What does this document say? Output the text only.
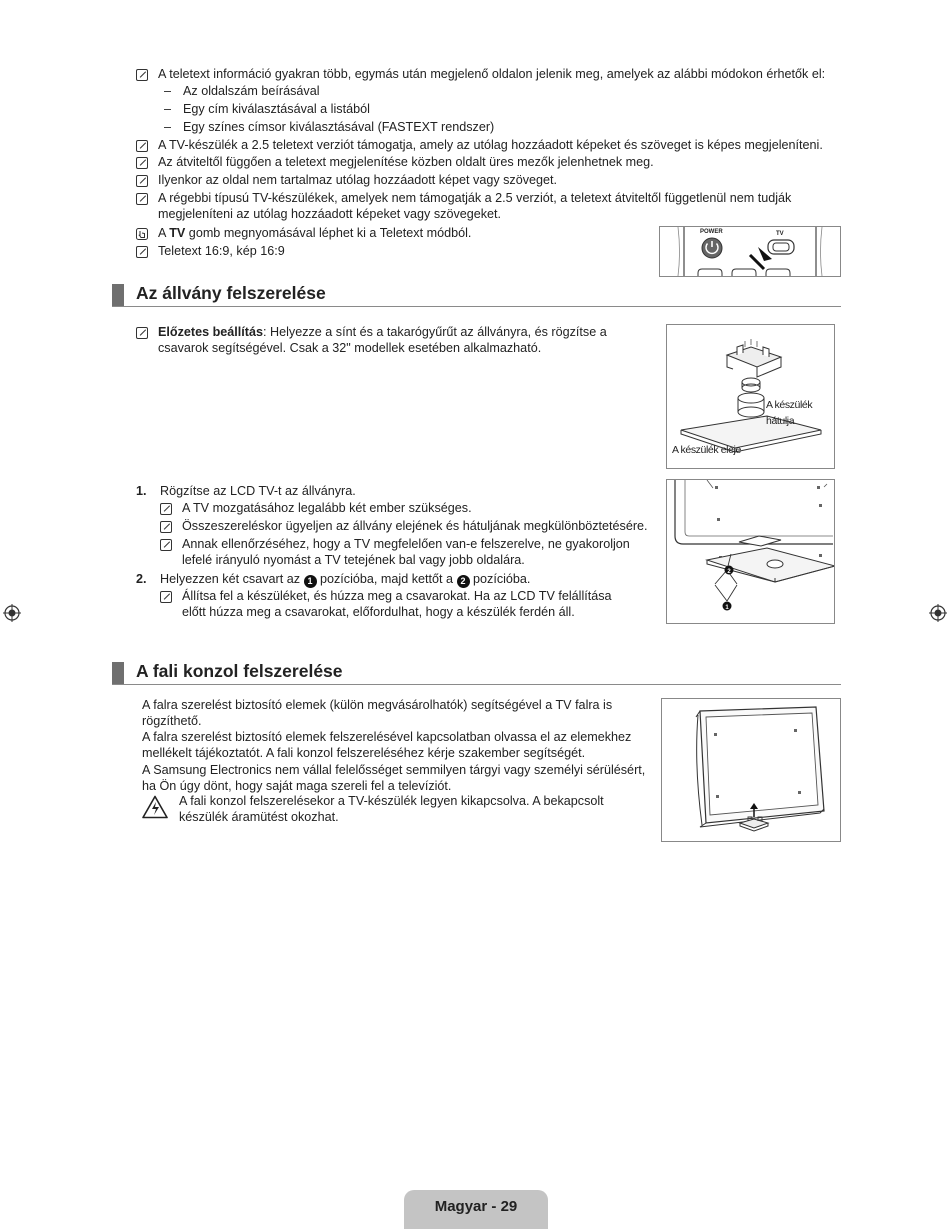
A teletext információ gyakran több, egymás után megjelenő oldalon jelenik meg, amelyek az alábbi módokon érhetők el:
– Az oldalszám beírásával
– Egy cím kiválasztásával a listából
– Egy színes címsor kiválasztásával (FASTEXT rendszer)
A TV-készülék a 2.5 teletext verziót támogatja, amely az utólag hozzáadott képeket és szöveget is képes megjeleníteni.
Az átviteltől függően a teletext megjelenítése közben oldalt üres mezők jelenhetnek meg.
Ilyenkor az oldal nem tartalmaz utólag hozzáadott képet vagy szöveget.
A régebbi típusú TV-készülékek, amelyek nem támogatják a 2.5 verziót, a teletext átviteltől függetlenül nem tudják megjeleníteni az utólag hozzáadott képeket vagy szövegeket.
A TV gomb megnyomásával léphet ki a Teletext módból.
Teletext 16:9, kép 16:9
POWER	TV
Az állvány felszerelése
Előzetes beállítás: Helyezze a sínt és a takarógyűrűt az állványra, és rögzítse a csavarok segítségével. Csak a 32" modellek esetében alkalmazható.
A készülék hátulja
A készülék eleje
1. Rögzítse az LCD TV-t az állványra.
A TV mozgatásához legalább két ember szükséges.
Összeszereléskor ügyeljen az állvány elejének és hátuljának megkülönböztetésére.
Annak ellenőrzéséhez, hogy a TV megfelelően van-e felszerelve, ne gyakoroljon lefelé irányuló nyomást a TV tetejének bal vagy jobb oldalára.
2. Helyezzen két csavart az 1 pozícióba, majd kettőt a 2 pozícióba.
Állítsa fel a készüléket, és húzza meg a csavarokat. Ha az LCD TV felállítása előtt húzza meg a csavarokat, előfordulhat, hogy a készülék ferdén áll.
2
1
A fali konzol felszerelése

A falra szerelést biztosító elemek (külön megvásárolhatók) segítségével a TV falra is rögzíthető.

A falra szerelést biztosító elemek felszerelésével kapcsolatban olvassa el az elemekhez mellékelt tájékoztatót. A fali konzol felszereléséhez kérje szakember segítségét.

A Samsung Electronics nem vállal felelősséget semmilyen tárgyi vagy személyi sérülésért, ha Ön úgy dönt, hogy saját maga szereli fel a televíziót.

A fali konzol felszerelésekor a TV-készülék legyen kikapcsolva. A bekapcsolt készülék áramütést okozhat.

Magyar - 29
